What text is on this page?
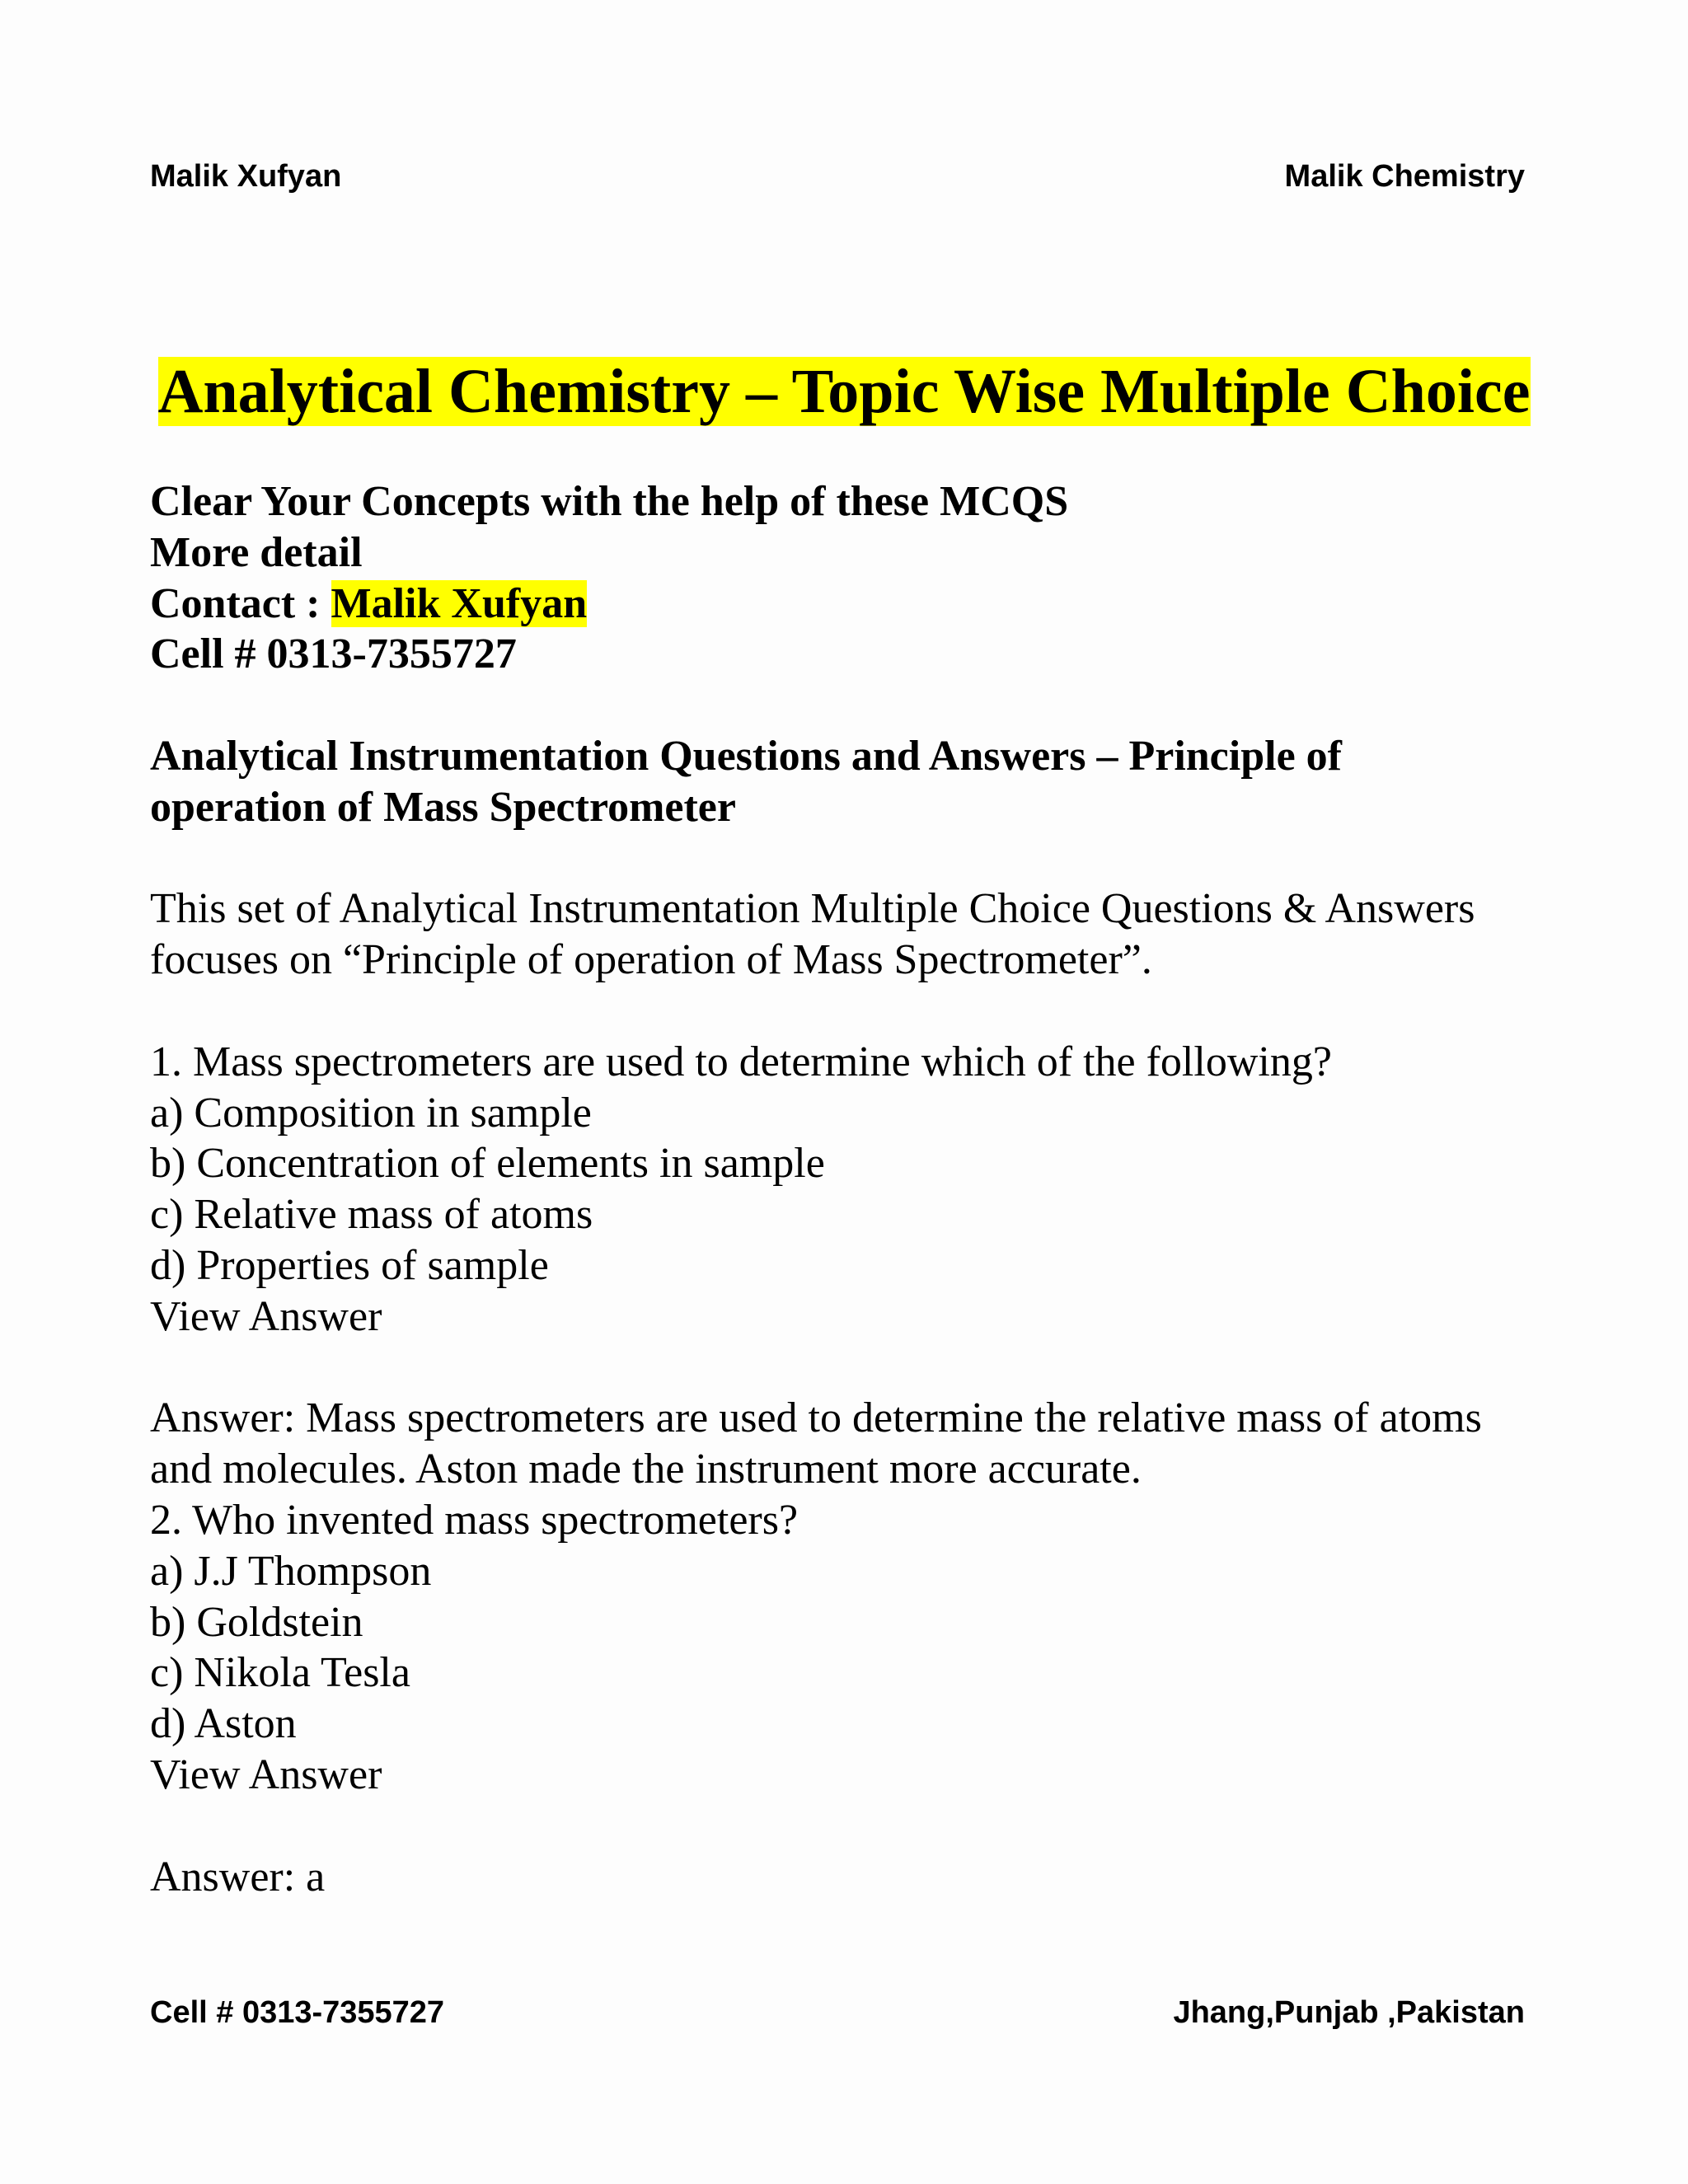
Malik Xufyan	Malik Chemistry
Analytical Chemistry – Topic Wise Multiple Choice
Clear Your Concepts with the help of these MCQS
More detail
Contact : Malik Xufyan
Cell # 0313-7355727
Analytical Instrumentation Questions and Answers – Principle of
operation of Mass Spectrometer
This set of Analytical Instrumentation Multiple Choice Questions & Answers
focuses on “Principle of operation of Mass Spectrometer”.
1. Mass spectrometers are used to determine which of the following?
a) Composition in sample
b) Concentration of elements in sample
c) Relative mass of atoms
d) Properties of sample
View Answer
Answer: Mass spectrometers are used to determine the relative mass of atoms
and molecules. Aston made the instrument more accurate.
2. Who invented mass spectrometers?
a) J.J Thompson
b) Goldstein
c) Nikola Tesla
d) Aston
View Answer
Answer: a
Cell # 0313-7355727	Jhang,Punjab ,Pakistan
